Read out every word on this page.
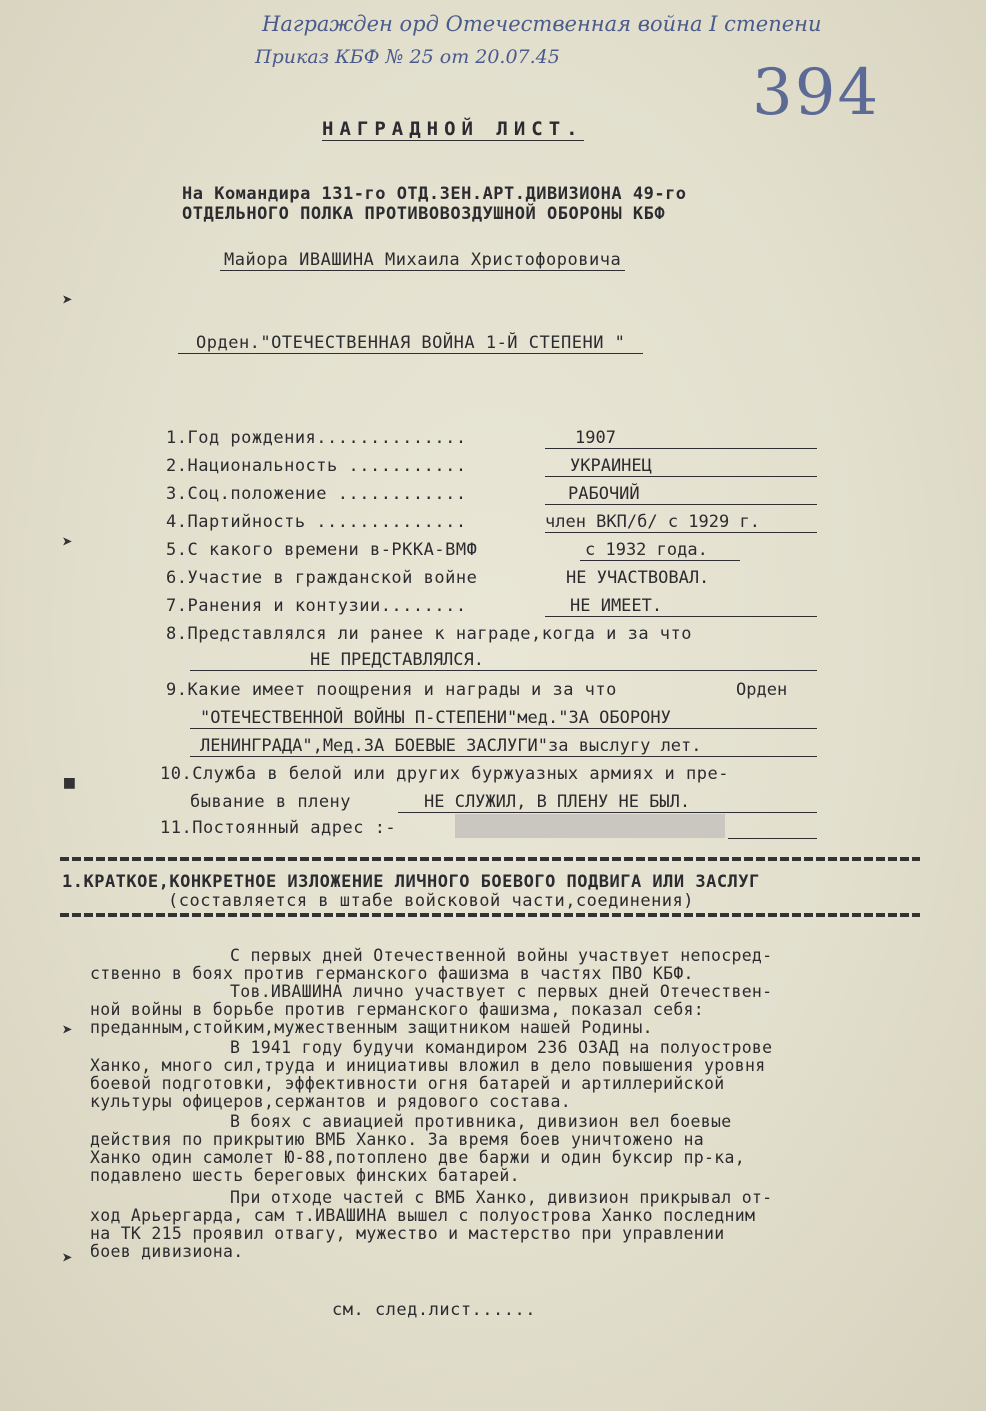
Награжден орд Отечественная война I степени
Приказ КБФ № 25 от 20.07.45	394
НАГРАДНОЙ ЛИСТ.
На Командира 131-го ОТД.ЗЕН.АРТ.ДИВИЗИОНА 49-го
ОТДЕЛЬНОГО ПОЛКА ПРОТИВОВОЗДУШНОЙ ОБОРОНЫ КБФ
Майора ИВАШИНА Михаила Христофоровича
Орден."ОТЕЧЕСТВЕННАЯ ВОЙНА 1-Й СТЕПЕНИ "
1.Год рождения..............	1907
2.Национальность ...........	УКРАИНЕЦ
3.Соц.положение ............	РАБОЧИЙ
4.Партийность ..............	член ВКП/б/ с 1929 г.
5.С какого времени в-РККА-ВМФ	с 1932 года.
6.Участие в гражданской войне	НЕ УЧАСТВОВАЛ.
7.Ранения и контузии........	НЕ ИМЕЕТ.
8.Представлялся ли ранее к награде,когда и за что
НЕ ПРЕДСТАВЛЯЛСЯ.
9.Какие имеет поощрения и награды и за что	Орден
"ОТЕЧЕСТВЕННОЙ ВОЙНЫ П-СТЕПЕНИ"мед."ЗА ОБОРОНУ
ЛЕНИНГРАДА",Мед.ЗА БОЕВЫЕ ЗАСЛУГИ"за выслугу лет.
10.Служба в белой или других буржуазных армиях и пре-
бывание в плену	НЕ СЛУЖИЛ, В ПЛЕНУ НЕ БЫЛ.
11.Постоянный адрес :-
1.КРАТКОЕ,КОНКРЕТНОЕ ИЗЛОЖЕНИЕ ЛИЧНОГО БОЕВОГО ПОДВИГА ИЛИ ЗАСЛУГ
(составляется в штабе войсковой части,соединения)
С первых дней Отечественной войны участвует непосред-
ственно в боях против германского фашизма в частях ПВО КБФ.
Тов.ИВАШИНА лично участвует с первых дней Отечествен-
ной войны в борьбе против германского фашизма, показал себя:
преданным,стойким,мужественным защитником нашей Родины.
В 1941 году будучи командиром 236 ОЗАД на полуострове
Ханко, много сил,труда и инициативы вложил в дело повышения уровня
боевой подготовки, эффективности огня батарей и артиллерийской
культуры офицеров,сержантов и рядового состава.
В боях с авиацией противника, дивизион вел боевые
действия по прикрытию ВМБ Ханко. За время боев уничтожено на
Ханко один самолет Ю-88,потоплено две баржи и один буксир пр-ка,
подавлено шесть береговых финских батарей.
При отходе частей с ВМБ Ханко, дивизион прикрывал от-
ход Арьергарда, сам т.ИВАШИНА вышел с полуострова Ханко последним
на ТК 215 проявил отвагу, мужество и мастерство при управлении
боев дивизиона.
см. след.лист......
➤
➤
■
➤
➤
